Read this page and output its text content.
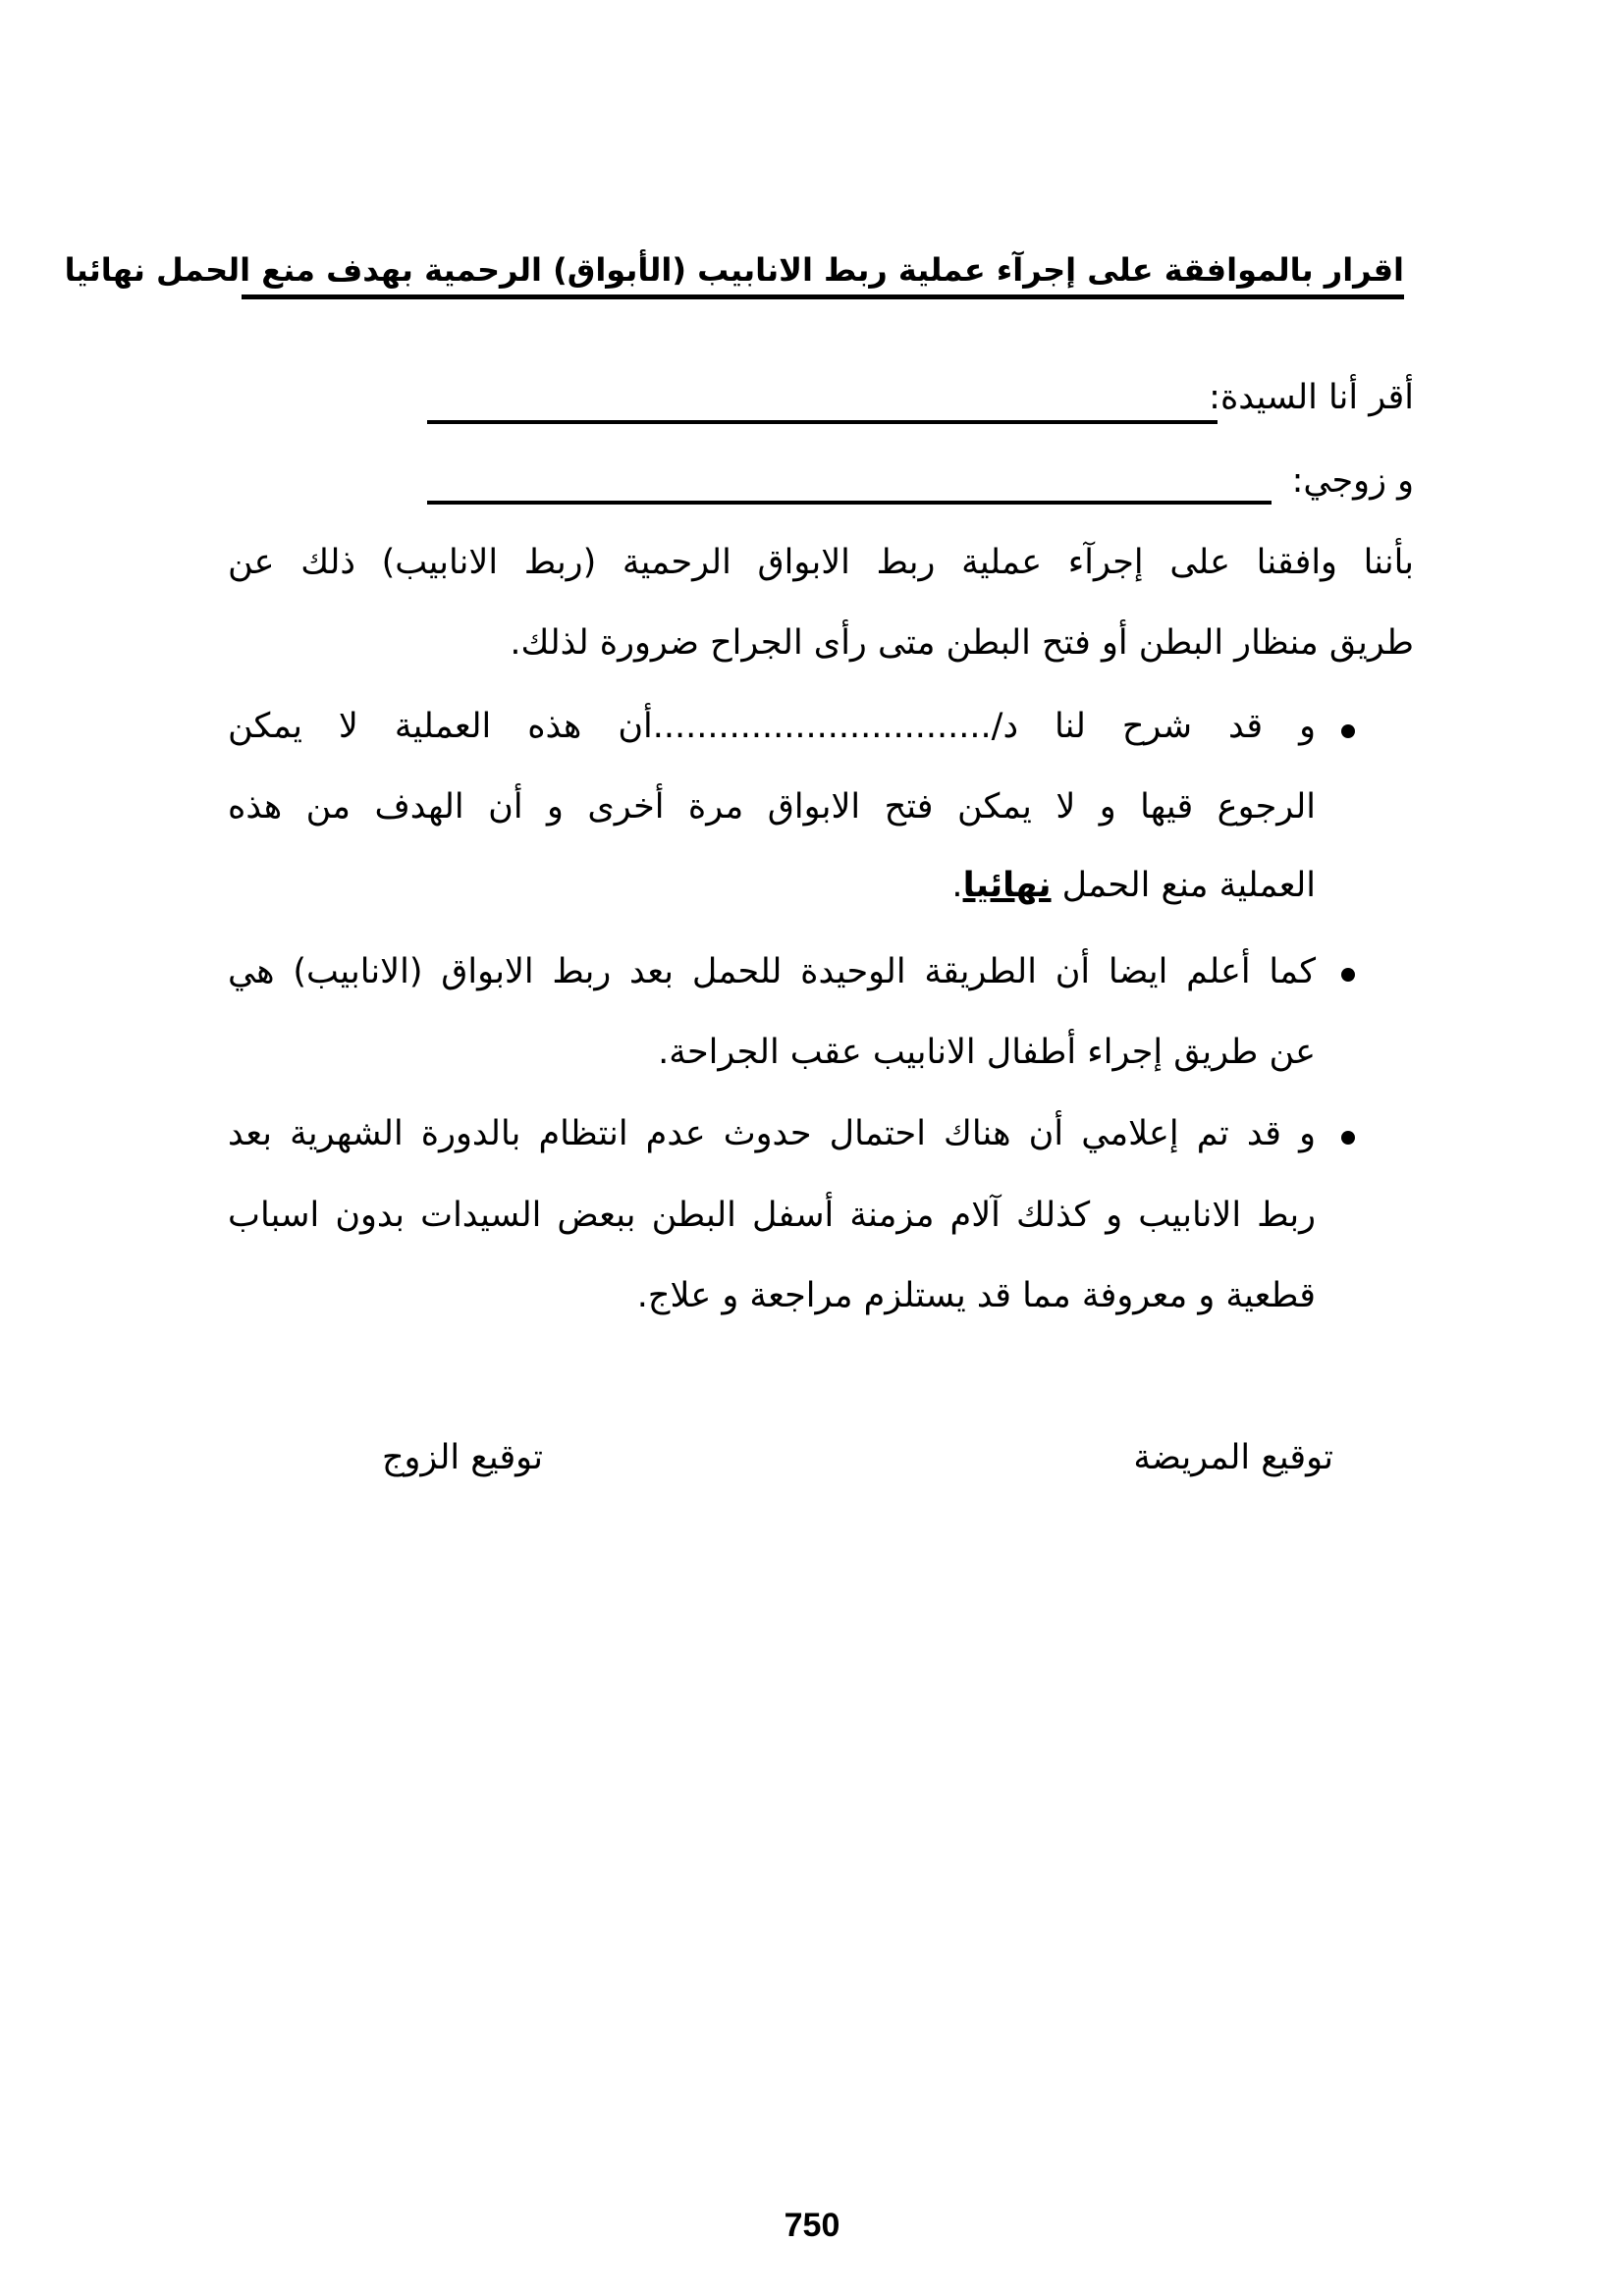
اقرار بالموافقة على إجرآء عملية ربط الانابيب (الأبواق) الرحمية بهدف منع الحمل نهائيا
أقر أنا السيدة:
و زوجي:
بأننا وافقنا على إجرآء عملية ربط الابواق الرحمية (ربط الانابيب) ذلك عن
طريق منظار البطن أو فتح البطن متى رأى الجراح ضرورة لذلك.
و قد شرح لنا د/...............................أن هذه العملية لا يمكن
الرجوع قيها و لا يمكن فتح الابواق مرة أخرى و أن الهدف من هذه
العملية منع الحمل نهائيا.
كما أعلم ايضا أن الطريقة الوحيدة للحمل بعد ربط الابواق (الانابيب) هي
عن طريق إجراء أطفال الانابيب عقب الجراحة.
و قد تم إعلامي أن هناك احتمال حدوث عدم انتظام بالدورة الشهرية بعد
ربط الانابيب و كذلك آلام مزمنة أسفل البطن ببعض السيدات بدون اسباب
قطعية و معروفة مما قد يستلزم مراجعة و علاج.
توقيع المريضة
توقيع الزوج
750
